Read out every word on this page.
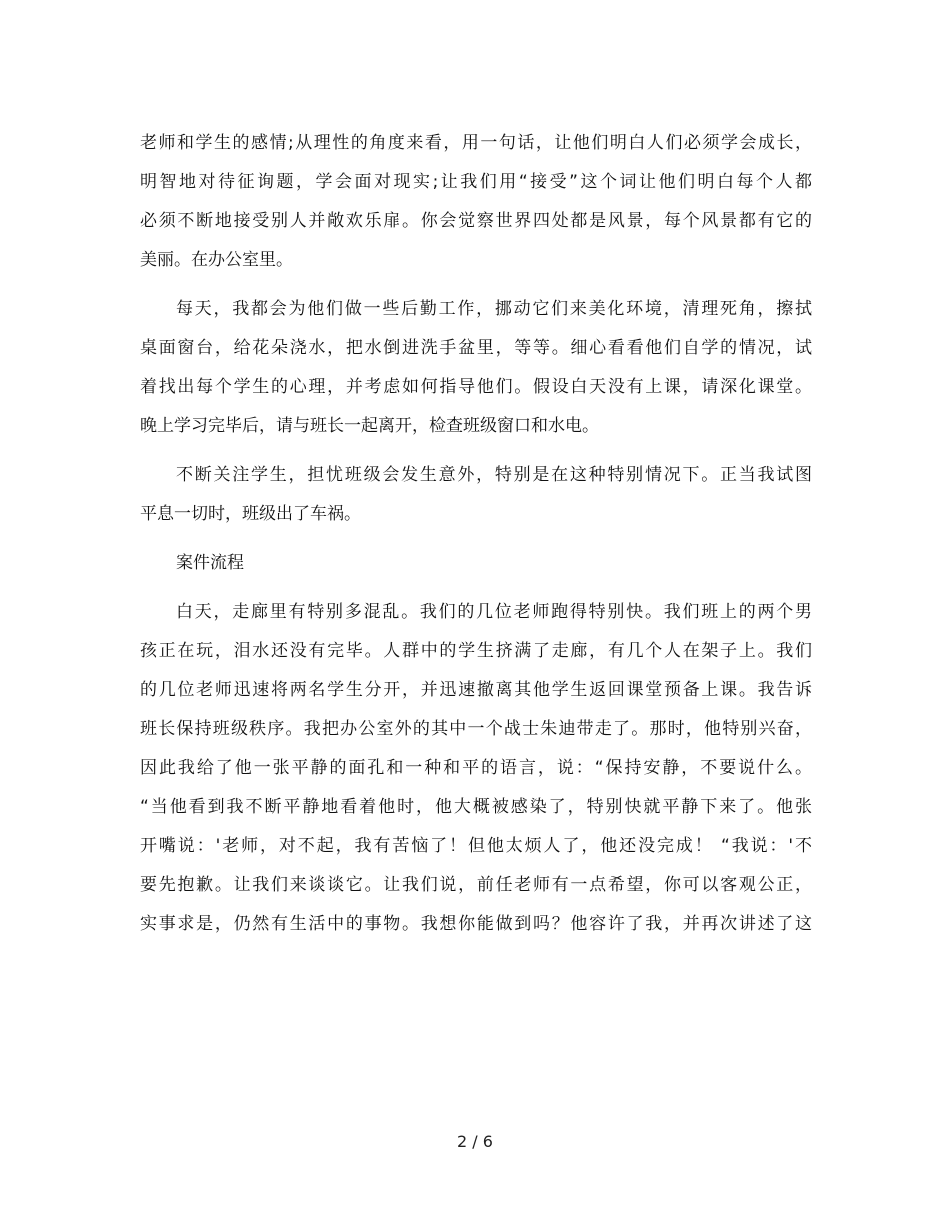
老师和学生的感情;从理性的角度来看，用一句话，让他们明白人们必须学会成长，
明智地对待征询题，学会面对现实;让我们用“接受”这个词让他们明白每个人都
必须不断地接受别人并敞欢乐扉。你会觉察世界四处都是风景，每个风景都有它的
美丽。在办公室里。
每天，我都会为他们做一些后勤工作，挪动它们来美化环境，清理死角，擦拭
桌面窗台，给花朵浇水，把水倒进洗手盆里，等等。细心看看他们自学的情况，试
着找出每个学生的心理，并考虑如何指导他们。假设白天没有上课，请深化课堂。
晚上学习完毕后，请与班长一起离开，检查班级窗口和水电。
不断关注学生，担忧班级会发生意外，特别是在这种特别情况下。正当我试图
平息一切时，班级出了车祸。
案件流程
白天，走廊里有特别多混乱。我们的几位老师跑得特别快。我们班上的两个男
孩正在玩，泪水还没有完毕。人群中的学生挤满了走廊，有几个人在架子上。我们
的几位老师迅速将两名学生分开，并迅速撤离其他学生返回课堂预备上课。我告诉
班长保持班级秩序。我把办公室外的其中一个战士朱迪带走了。那时，他特别兴奋，
因此我给了他一张平静的面孔和一种和平的语言，说：“保持安静，不要说什么。
“当他看到我不断平静地看着他时，他大概被感染了，特别快就平静下来了。他张
开嘴说：'老师，对不起，我有苦恼了！但他太烦人了，他还没完成！ “我说：'不
要先抱歉。让我们来谈谈它。让我们说，前任老师有一点希望，你可以客观公正，
实事求是，仍然有生活中的事物。我想你能做到吗？他容许了我，并再次讲述了这
2 / 6
